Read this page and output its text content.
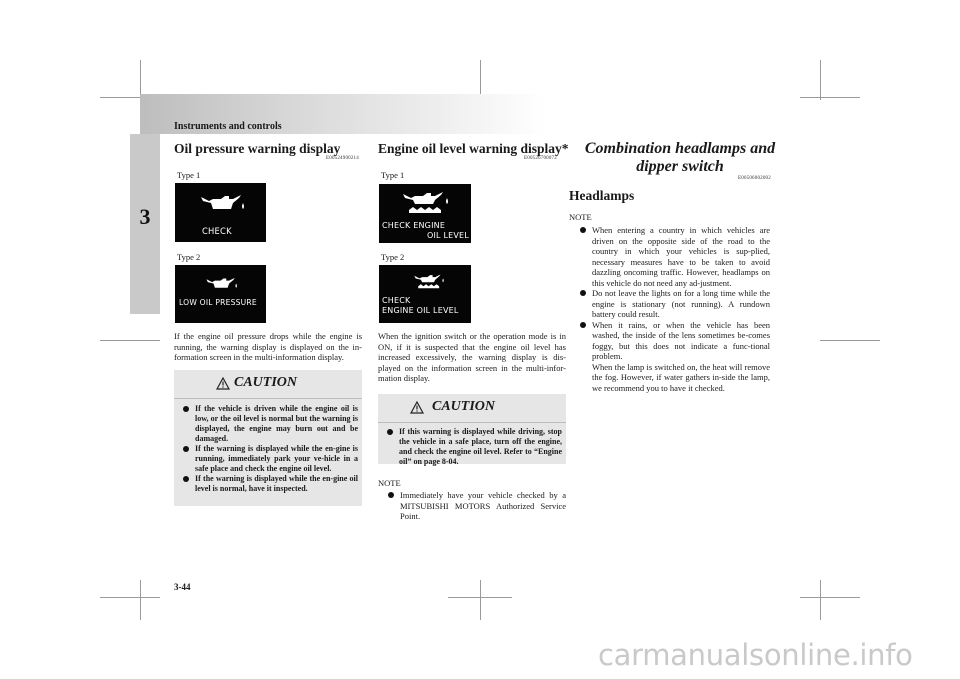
Instruments and controls
3
Oil pressure warning display
E00524900214
Type 1
CHECK
Type 2
LOW OIL PRESSURE
If the engine oil pressure drops while the engine is running, the warning display is displayed on the in-formation screen in the multi-information display.
CAUTION
If the vehicle is driven while the engine oil is low, or the oil level is normal but the warning is displayed, the engine may burn out and be damaged.
If the warning is displayed while the en-gine is running, immediately park your ve-hicle in a safe place and check the engine oil level.
If the warning is displayed while the en-gine oil level is normal, have it inspected.
3-44
Engine oil level warning display*
E00526700072
Type 1
CHECK ENGINE
OIL LEVEL
Type 2
CHECK
ENGINE OIL LEVEL
When the ignition switch or the operation mode is in ON, if it is suspected that the engine oil level has increased excessively, the warning display is dis-played on the information screen in the multi-infor-mation display.
CAUTION
If this warning is displayed while driving, stop the vehicle in a safe place, turn off the engine, and check the engine oil level. Refer to “Engine oil” on page 8-04.
NOTE
Immediately have your vehicle checked by a MITSUBISHI MOTORS Authorized Service Point.
Combination headlamps and
dipper switch
E00506002002
Headlamps
NOTE
When entering a country in which vehicles are driven on the opposite side of the road to the country in which your vehicles is sup-plied, necessary measures have to be taken to avoid dazzling oncoming traffic. However, headlamps on this vehicle do not need any ad-justment.
Do not leave the lights on for a long time while the engine is stationary (not running). A rundown battery could result.
When it rains, or when the vehicle has been washed, the inside of the lens sometimes be-comes foggy, but this does not indicate a func-tional problem.
When the lamp is switched on, the heat will remove the fog. However, if water gathers in-side the lamp, we recommend you to have it checked.
carmanualsonline.info
